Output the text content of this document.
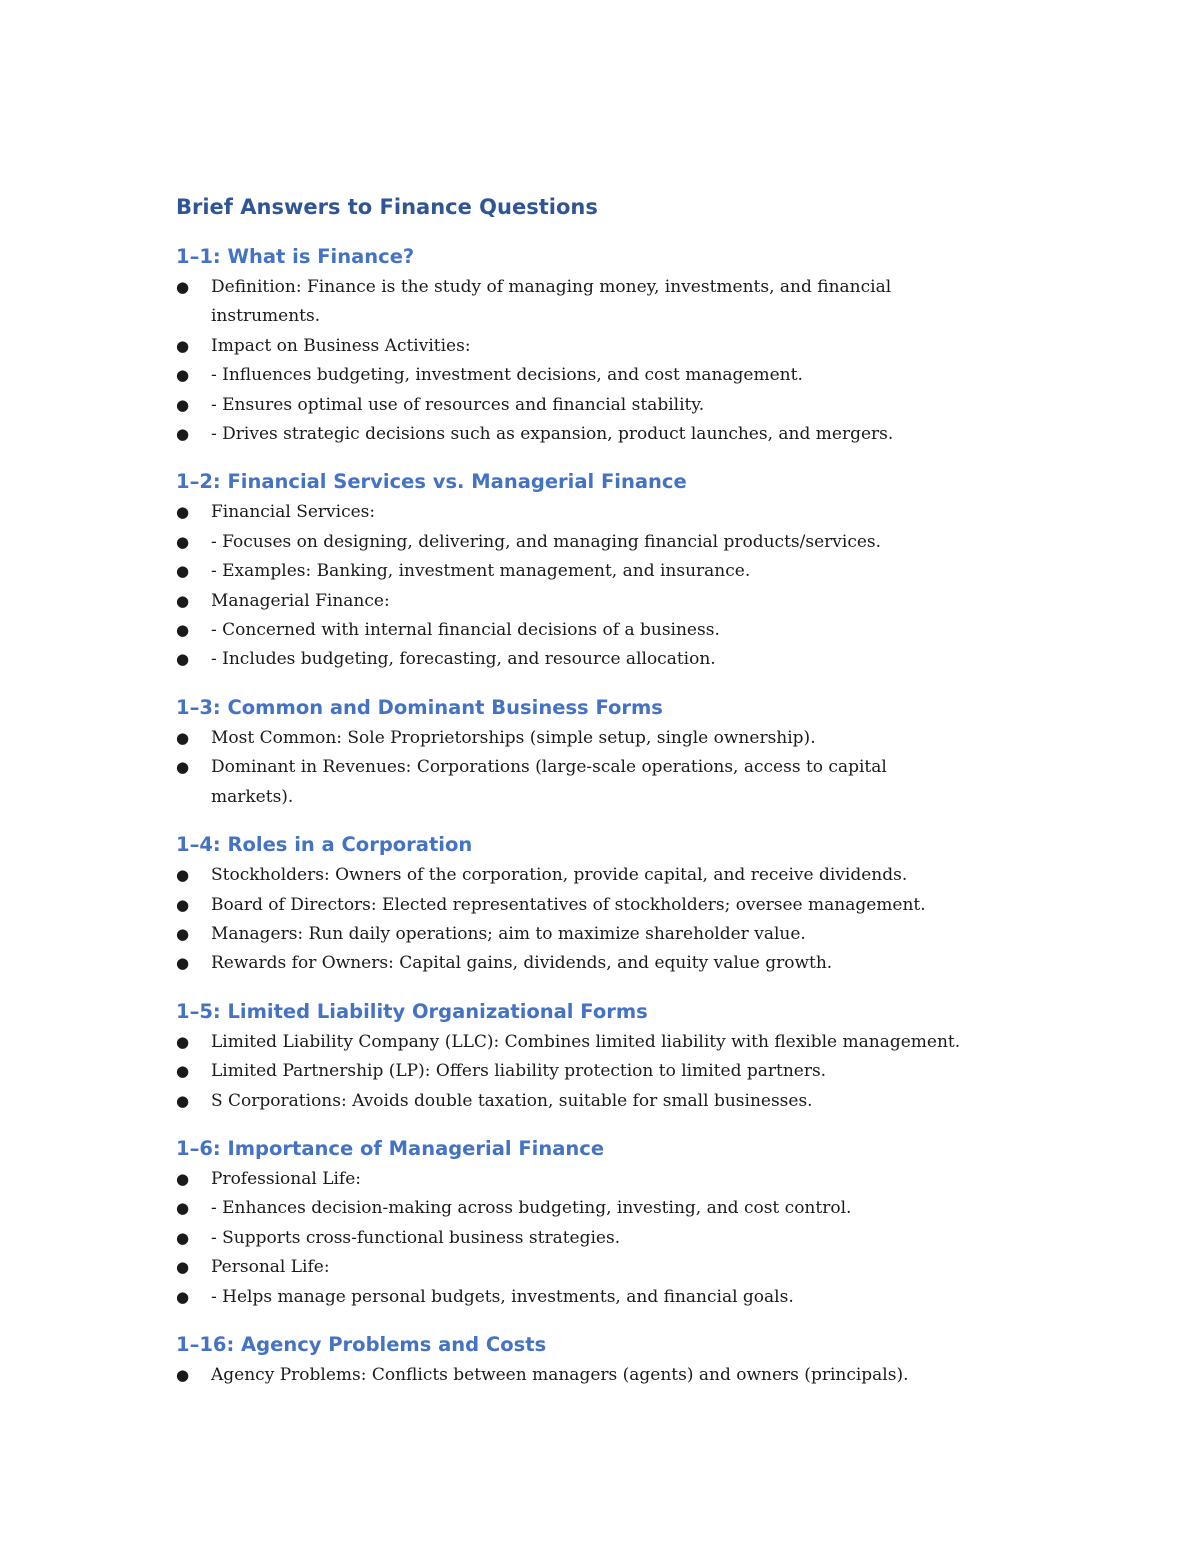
Brief Answers to Finance Questions
1–1: What is Finance?
● Definition: Finance is the study of managing money, investments, and financial instruments.
● Impact on Business Activities:
● - Influences budgeting, investment decisions, and cost management.
● - Ensures optimal use of resources and financial stability.
● - Drives strategic decisions such as expansion, product launches, and mergers.
1–2: Financial Services vs. Managerial Finance
● Financial Services:
● - Focuses on designing, delivering, and managing financial products/services.
● - Examples: Banking, investment management, and insurance.
● Managerial Finance:
● - Concerned with internal financial decisions of a business.
● - Includes budgeting, forecasting, and resource allocation.
1–3: Common and Dominant Business Forms
● Most Common: Sole Proprietorships (simple setup, single ownership).
● Dominant in Revenues: Corporations (large-scale operations, access to capital markets).
1–4: Roles in a Corporation
● Stockholders: Owners of the corporation, provide capital, and receive dividends.
● Board of Directors: Elected representatives of stockholders; oversee management.
● Managers: Run daily operations; aim to maximize shareholder value.
● Rewards for Owners: Capital gains, dividends, and equity value growth.
1–5: Limited Liability Organizational Forms
● Limited Liability Company (LLC): Combines limited liability with flexible management.
● Limited Partnership (LP): Offers liability protection to limited partners.
● S Corporations: Avoids double taxation, suitable for small businesses.
1–6: Importance of Managerial Finance
● Professional Life:
● - Enhances decision-making across budgeting, investing, and cost control.
● - Supports cross-functional business strategies.
● Personal Life:
● - Helps manage personal budgets, investments, and financial goals.
1–16: Agency Problems and Costs
● Agency Problems: Conflicts between managers (agents) and owners (principals).
